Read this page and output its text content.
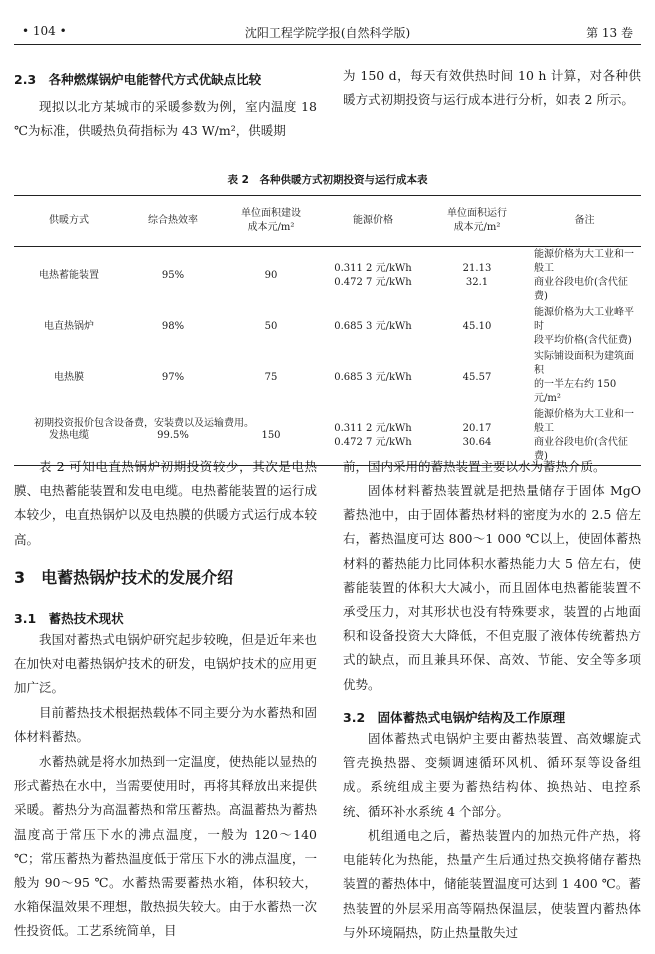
• 104 •	沈阳工程学院学报(自然科学版)	第 13 卷
2.3　各种燃煤锅炉电能替代方式优缺点比较

现拟以北方某城市的采暖参数为例，室内温度 18 ℃为标准，供暖热负荷指标为 43 W/m²，供暖期

为 150 d，每天有效供热时间 10 h 计算，对各种供暖方式初期投资与运行成本进行分析，如表 2 所示。

表 2　各种供暖方式初期投资与运行成本表
供暖方式	综合热效率	单位面积建设
成本元/m²	能源价格	单位面积运行
成本元/m²	备注
电热蓄能装置	95%	90	0.311 2 元/kWh
0.472 7 元/kWh	21.13
32.1	能源价格为大工业和一般工
商业谷段电价(含代征费)
电直热锅炉	98%	50	0.685 3 元/kWh	45.10	能源价格为大工业峰平时
段平均价格(含代征费)
电热膜	97%	75	0.685 3 元/kWh	45.57	实际铺设面积为建筑面积
的一半左右约 150 元/m²
发热电缆	99.5%	150	0.311 2 元/kWh
0.472 7 元/kWh	20.17
30.64	能源价格为大工业和一般工
商业谷段电价(含代征费)
初期投资报价包含设备费，安装费以及运输费用。

表 2 可知电直热锅炉初期投资较少，其次是电热膜、电热蓄能装置和发电电缆。电热蓄能装置的运行成本较少，电直热锅炉以及电热膜的供暖方式运行成本较高。

3　电蓄热锅炉技术的发展介绍
3.1　蓄热技术现状

我国对蓄热式电锅炉研究起步较晚，但是近年来也在加快对电蓄热锅炉技术的研发，电锅炉技术的应用更加广泛。

目前蓄热技术根据热载体不同主要分为水蓄热和固体材料蓄热。

水蓄热就是将水加热到一定温度，使热能以显热的形式蓄热在水中，当需要使用时，再将其释放出来提供采暖。蓄热分为高温蓄热和常压蓄热。高温蓄热为蓄热温度高于常压下水的沸点温度，一般为 120～140 ℃；常压蓄热为蓄热温度低于常压下水的沸点温度，一般为 90～95 ℃。水蓄热需要蓄热水箱，体积较大，水箱保温效果不理想，散热损失较大。由于水蓄热一次性投资低。工艺系统简单，目

前，国内采用的蓄热装置主要以水为蓄热介质。

固体材料蓄热装置就是把热量储存于固体 MgO 蓄热池中，由于固体蓄热材料的密度为水的 2.5 倍左右，蓄热温度可达 800～1 000 ℃以上，使固体蓄热材料的蓄热能力比同体积水蓄热能力大 5 倍左右，使蓄能装置的体积大大减小，而且固体电热蓄能装置不承受压力，对其形状也没有特殊要求，装置的占地面积和设备投资大大降低，不但克服了液体传统蓄热方式的缺点，而且兼具环保、高效、节能、安全等多项优势。

3.2　固体蓄热式电锅炉结构及工作原理

固体蓄热式电锅炉主要由蓄热装置、高效螺旋式管壳换热器、变频调速循环风机、循环泵等设备组成。系统组成主要为蓄热结构体、换热站、电控系统、循环补水系统 4 个部分。

机组通电之后，蓄热装置内的加热元件产热，将电能转化为热能，热量产生后通过热交换将储存蓄热装置的蓄热体中，储能装置温度可达到 1 400 ℃。蓄热装置的外层采用高等隔热保温层，使装置内蓄热体与外环境隔热，防止热量散失过
